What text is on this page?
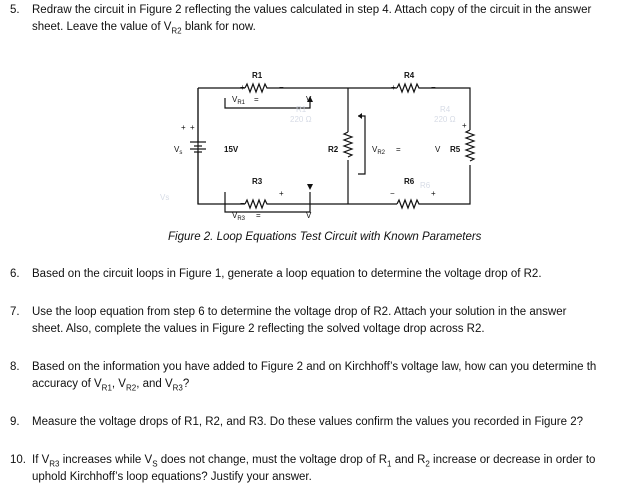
5. Redraw the circuit in Figure 2 reflecting the values calculated in step 4. Attach copy of the circuit in the answer
sheet. Leave the value of $V_{R2}$ blank for now.
R1
220 Ω
R4
220 Ω
Vs
R6
R1	R4
+	−	+	−
$V_{R1}$ =	V
+ +
$V_s$	15V	R2	$V_{R2}$ =	V R5
+
R3
−
+
R6
−	+
$V_{R3}$ =	V
Figure 2. Loop Equations Test Circuit with Known Parameters
6. Based on the circuit loops in Figure 1, generate a loop equation to determine the voltage drop of R2.
7. Use the loop equation from step 6 to determine the voltage drop of R2. Attach your solution in the answer
sheet. Also, complete the values in Figure 2 reflecting the solved voltage drop across R2.
8. Based on the information you have added to Figure 2 and on Kirchhoff’s voltage law, how can you determine th
accuracy of $V_{R1}$, $V_{R2}$, and $V_{R3}$?
9. Measure the voltage drops of R1, R2, and R3. Do these values confirm the values you recorded in Figure 2?
10. If $V_{R3}$ increases while $V_S$ does not change, must the voltage drop of $R_1$ and $R_2$ increase or decrease in order to
uphold Kirchhoff’s loop equations? Justify your answer.
